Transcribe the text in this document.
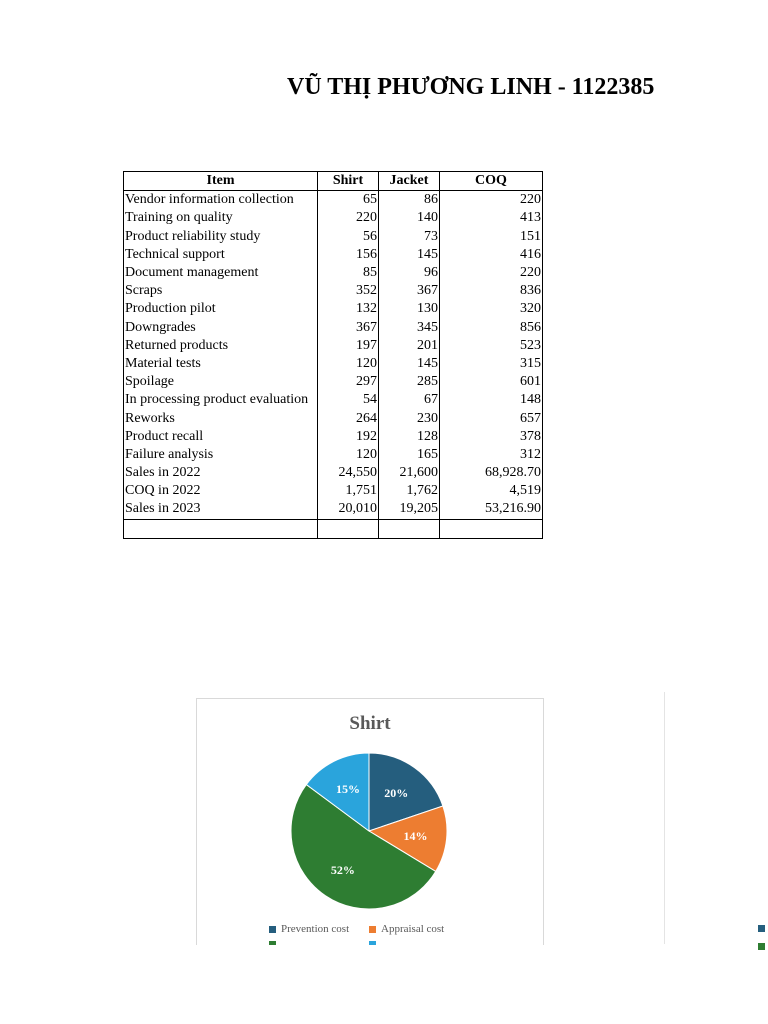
VŨ THỊ PHƯƠNG LINH - 1122385
Item	Shirt	Jacket	COQ
Vendor information collection	65	86	220
Training on quality	220	140	413
Product reliability study	56	73	151
Technical support	156	145	416
Document management	85	96	220
Scraps	352	367	836
Production pilot	132	130	320
Downgrades	367	345	856
Returned products	197	201	523
Material tests	120	145	315
Spoilage	297	285	601
In processing product evaluation	54	67	148
Reworks	264	230	657
Product recall	192	128	378
Failure analysis	120	165	312
Sales in 2022	24,550	21,600	68,928.70
COQ in 2022	1,751	1,762	4,519
Sales in 2023	20,010	19,205	53,216.90

20%
14%
52%
15%
Shirt
Prevention cost	Appraisal cost
